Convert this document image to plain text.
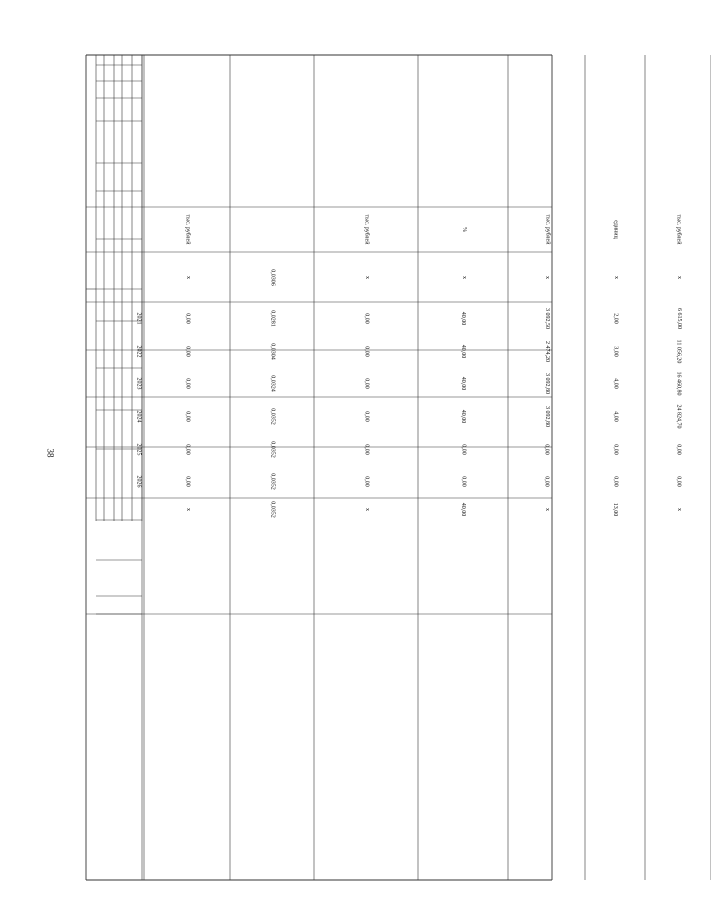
38
2021
2022
2023
2024
2025
2026
тыс. рублей
х
6 615,00
11 056,20
16 460,80
24 824,70
0,00
0,00
х
единиц
х
2,00
3,00
4,00
4,00
0,00
0,00
13,00
тыс. рублей
х
3 092,50
2 474,20
3 092,80
3 092,80
0,00
0,00
х
%
х
40,00
40,00
40,00
40,00
0,00
0,00
40,00
тыс. рублей
х
0,00
0,00
0,00
0,00
0,00
0,00
х
0,0306
0,0281
0,0304
0,0324
0,0352
0,0352
0,0352
0,0352
тыс. рублей
х
0,00
0,00
0,00
0,00
0,00
0,00
х
